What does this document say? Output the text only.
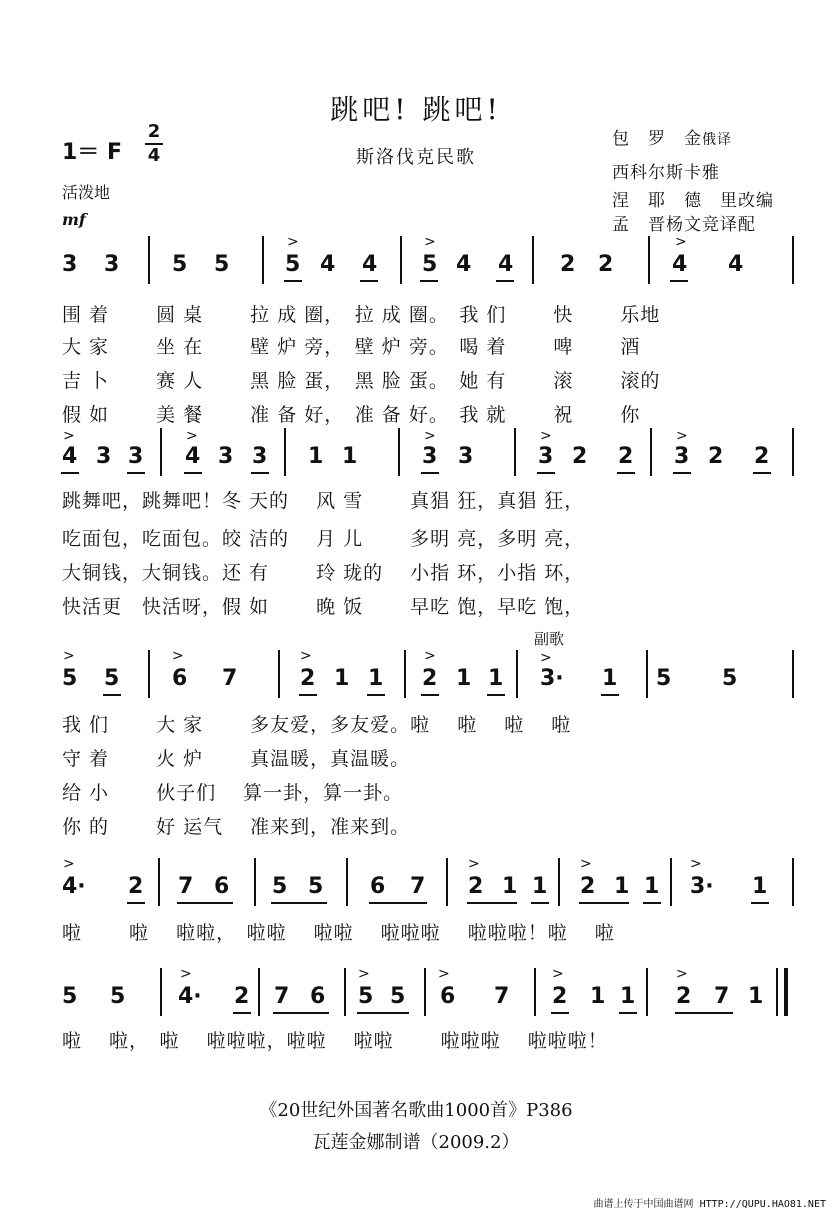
跳吧! 跳吧!
1＝ F
2
4	斯洛伐克民歌
包　罗　金俄译
西科尔斯卡雅
涅　耶　德　里改编
孟　晋杨文竞译配
活泼地
mf
>	>	>
3 3 5 5	5 4 4 5 4 4 2 2	4 4
围 着　　 圆 桌　　 拉 成 圈，　拉 成 圈。　我 们　　 快　　 乐地
大 家　　 坐 在　　 壁 炉 旁，　壁 炉 旁。　喝 着　　 啤　　 酒
吉 卜　　 赛 人　　 黑 脸 蛋，　黑 脸 蛋。　她 有　　 滚　　 滚的
假 如　　 美 餐　　 准 备 好，　准 备 好。　我 就　　 祝　　 你
>	>	>	>	>
4 3 3 4 3 3 1 1	3 3	3 2 2 3 2 2
跳舞吧，跳舞吧！冬 天的　 风 雪　　 真猖 狂，真猖 狂，
吃面包，吃面包。皎 洁的　 月 儿　　 多明 亮，多明 亮，
大铜钱，大铜钱。还 有　　 玲 珑的　 小指 环，小指 环，
快活更　快活呀，假 如　　 晚 饭　　 早吃 饱，早吃 饱，
副歌
>	>	>	>	>
5 5 6 7	2 1 1 2 1 1 3· 1 5 5
我 们　　 大 家　　 多友爱，多友爱。啦　 啦　 啦　 啦
守 着　　 火 炉　　 真温暖，真温暖。
给 小　　 伙子们　 算一卦，算一卦。
你 的　　 好 运气　 准来到，准来到。
>	>	>	>
4· 2 7 6 5 5 6 7 2 1 1 2 1 1 3· 1
啦　　 啦　 啦啦，　啦啦　 啦啦　 啦啦啦　 啦啦啦！啦　 啦
>	>	>	>	>
5 5 4· 2 7 6 5 5 6 7 2 1 1 2 7 1
啦　 啦，　啦　 啦啦啦，啦啦　 啦啦　　 啦啦啦　 啦啦啦！
《20世纪外国著名歌曲1000首》P386
瓦莲金娜制谱（2009.2）
曲谱上传于中国曲谱网 HTTP://QUPU.HAO81.NET
